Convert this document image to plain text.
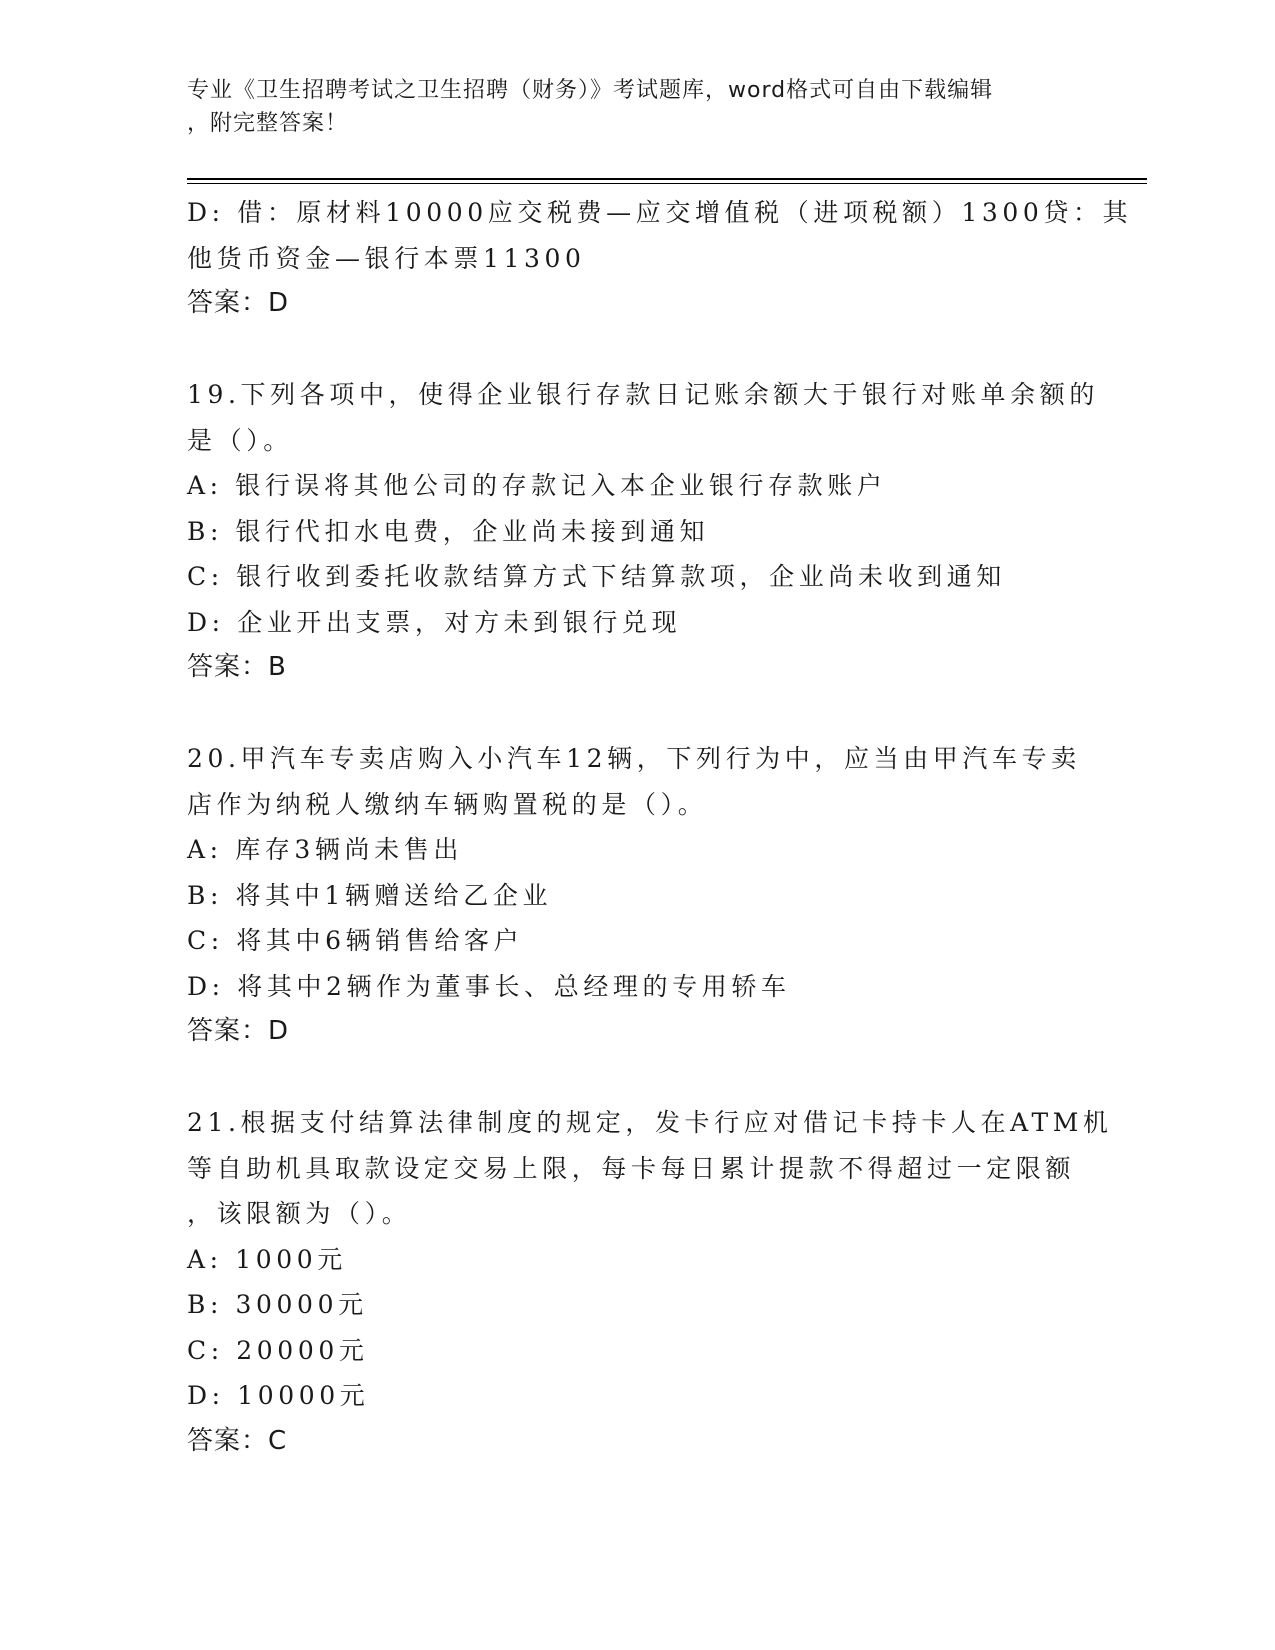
专业《卫生招聘考试之卫生招聘（财务）》考试题库，word格式可自由下载编辑
，附完整答案！
D: 借：原材料10000应交税费—应交增值税（进项税额）1300贷：其
他货币资金—银行本票11300
答案：D
19.下列各项中，使得企业银行存款日记账余额大于银行对账单余额的
是（）。
A: 银行误将其他公司的存款记入本企业银行存款账户
B: 银行代扣水电费，企业尚未接到通知
C: 银行收到委托收款结算方式下结算款项，企业尚未收到通知
D: 企业开出支票，对方未到银行兑现
答案：B
20.甲汽车专卖店购入小汽车12辆，下列行为中，应当由甲汽车专卖
店作为纳税人缴纳车辆购置税的是（）。
A: 库存3辆尚未售出
B: 将其中1辆赠送给乙企业
C: 将其中6辆销售给客户
D: 将其中2辆作为董事长、总经理的专用轿车
答案：D
21.根据支付结算法律制度的规定，发卡行应对借记卡持卡人在ATM机
等自助机具取款设定交易上限，每卡每日累计提款不得超过一定限额
，该限额为（）。
A: 1000元
B: 30000元
C: 20000元
D: 10000元
答案：C
